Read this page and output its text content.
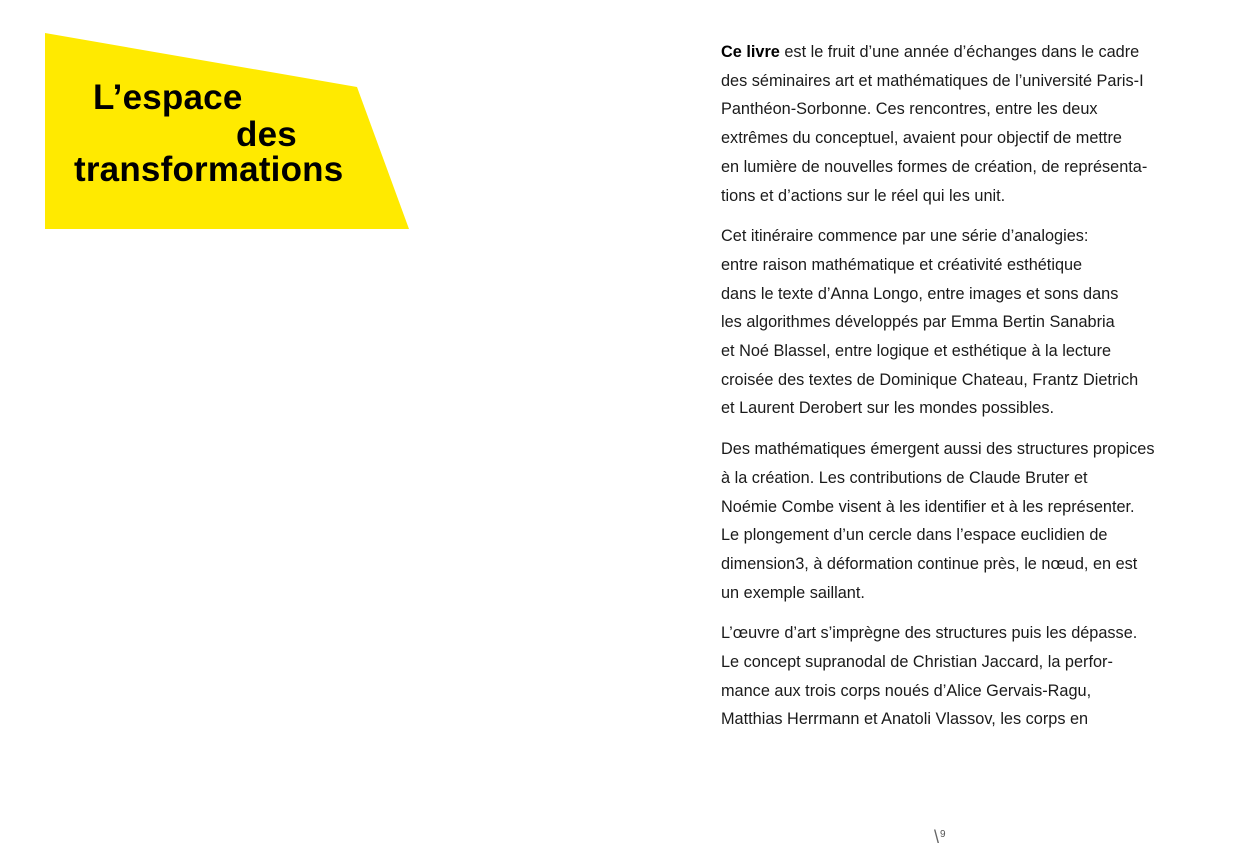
L’espace
des
transformations

Ce livre est le fruit d’une année d’échanges dans le cadre
des séminaires art et mathématiques de l’université Paris-I
Panthéon-Sorbonne. Ces rencontres, entre les deux
extrêmes du conceptuel, avaient pour objectif de mettre
en lumière de nouvelles formes de création, de représenta-
tions et d’actions sur le réel qui les unit.

Cet itinéraire commence par une série d’analogies:
entre raison mathématique et créativité esthétique
dans le texte d’Anna Longo, entre images et sons dans
les algorithmes développés par Emma Bertin Sanabria
et Noé Blassel, entre logique et esthétique à la lecture
croisée des textes de Dominique Chateau, Frantz Dietrich
et Laurent Derobert sur les mondes possibles.

Des mathématiques émergent aussi des structures propices
à la création. Les contributions de Claude Bruter et
Noémie Combe visent à les identifier et à les représenter.
Le plongement d’un cercle dans l’espace euclidien de
dimension3, à déformation continue près, le nœud, en est
un exemple saillant.

L’œuvre d’art s’imprègne des structures puis les dépasse.
Le concept supranodal de Christian Jaccard, la perfor-
mance aux trois corps noués d’Alice Gervais-Ragu,
Matthias Herrmann et Anatoli Vlassov, les corps en

\9
